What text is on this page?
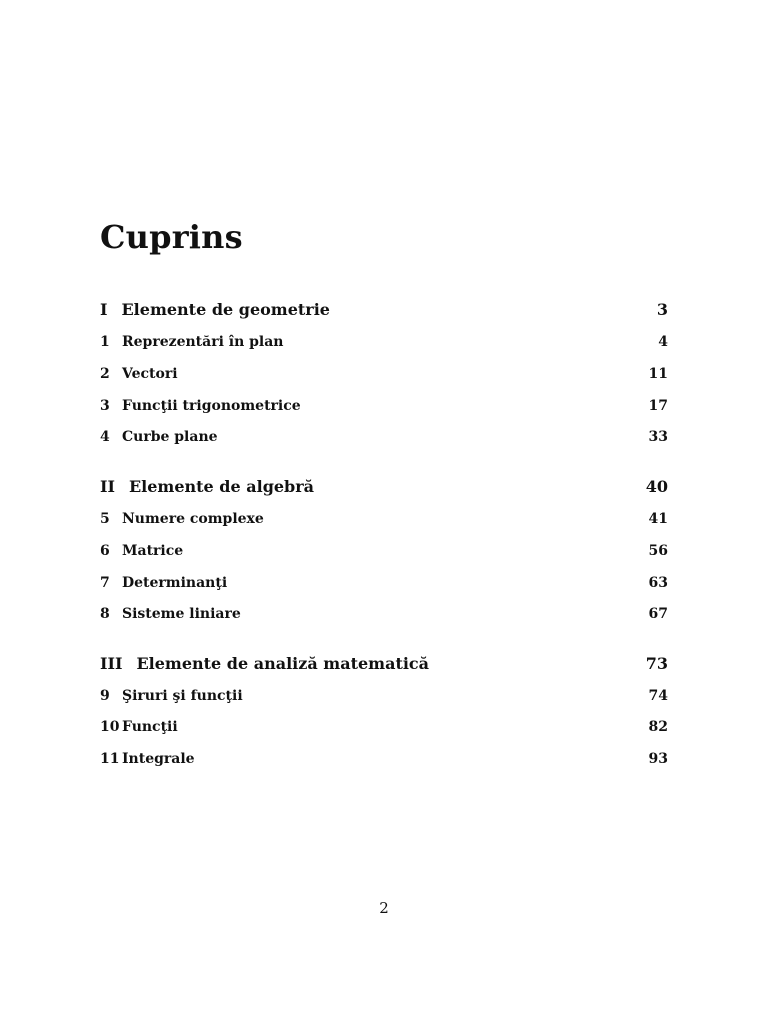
Cuprins
I Elemente de geometrie	3
1 Reprezentări în plan	4
2 Vectori	11
3 Funcţii trigonometrice	17
4 Curbe plane	33
II Elemente de algebră	40
5 Numere complexe	41
6 Matrice	56
7 Determinanţi	63
8 Sisteme liniare	67
III Elemente de analiză matematică	73
9 Şiruri şi funcţii	74
10 Funcţii	82
11 Integrale	93
2
